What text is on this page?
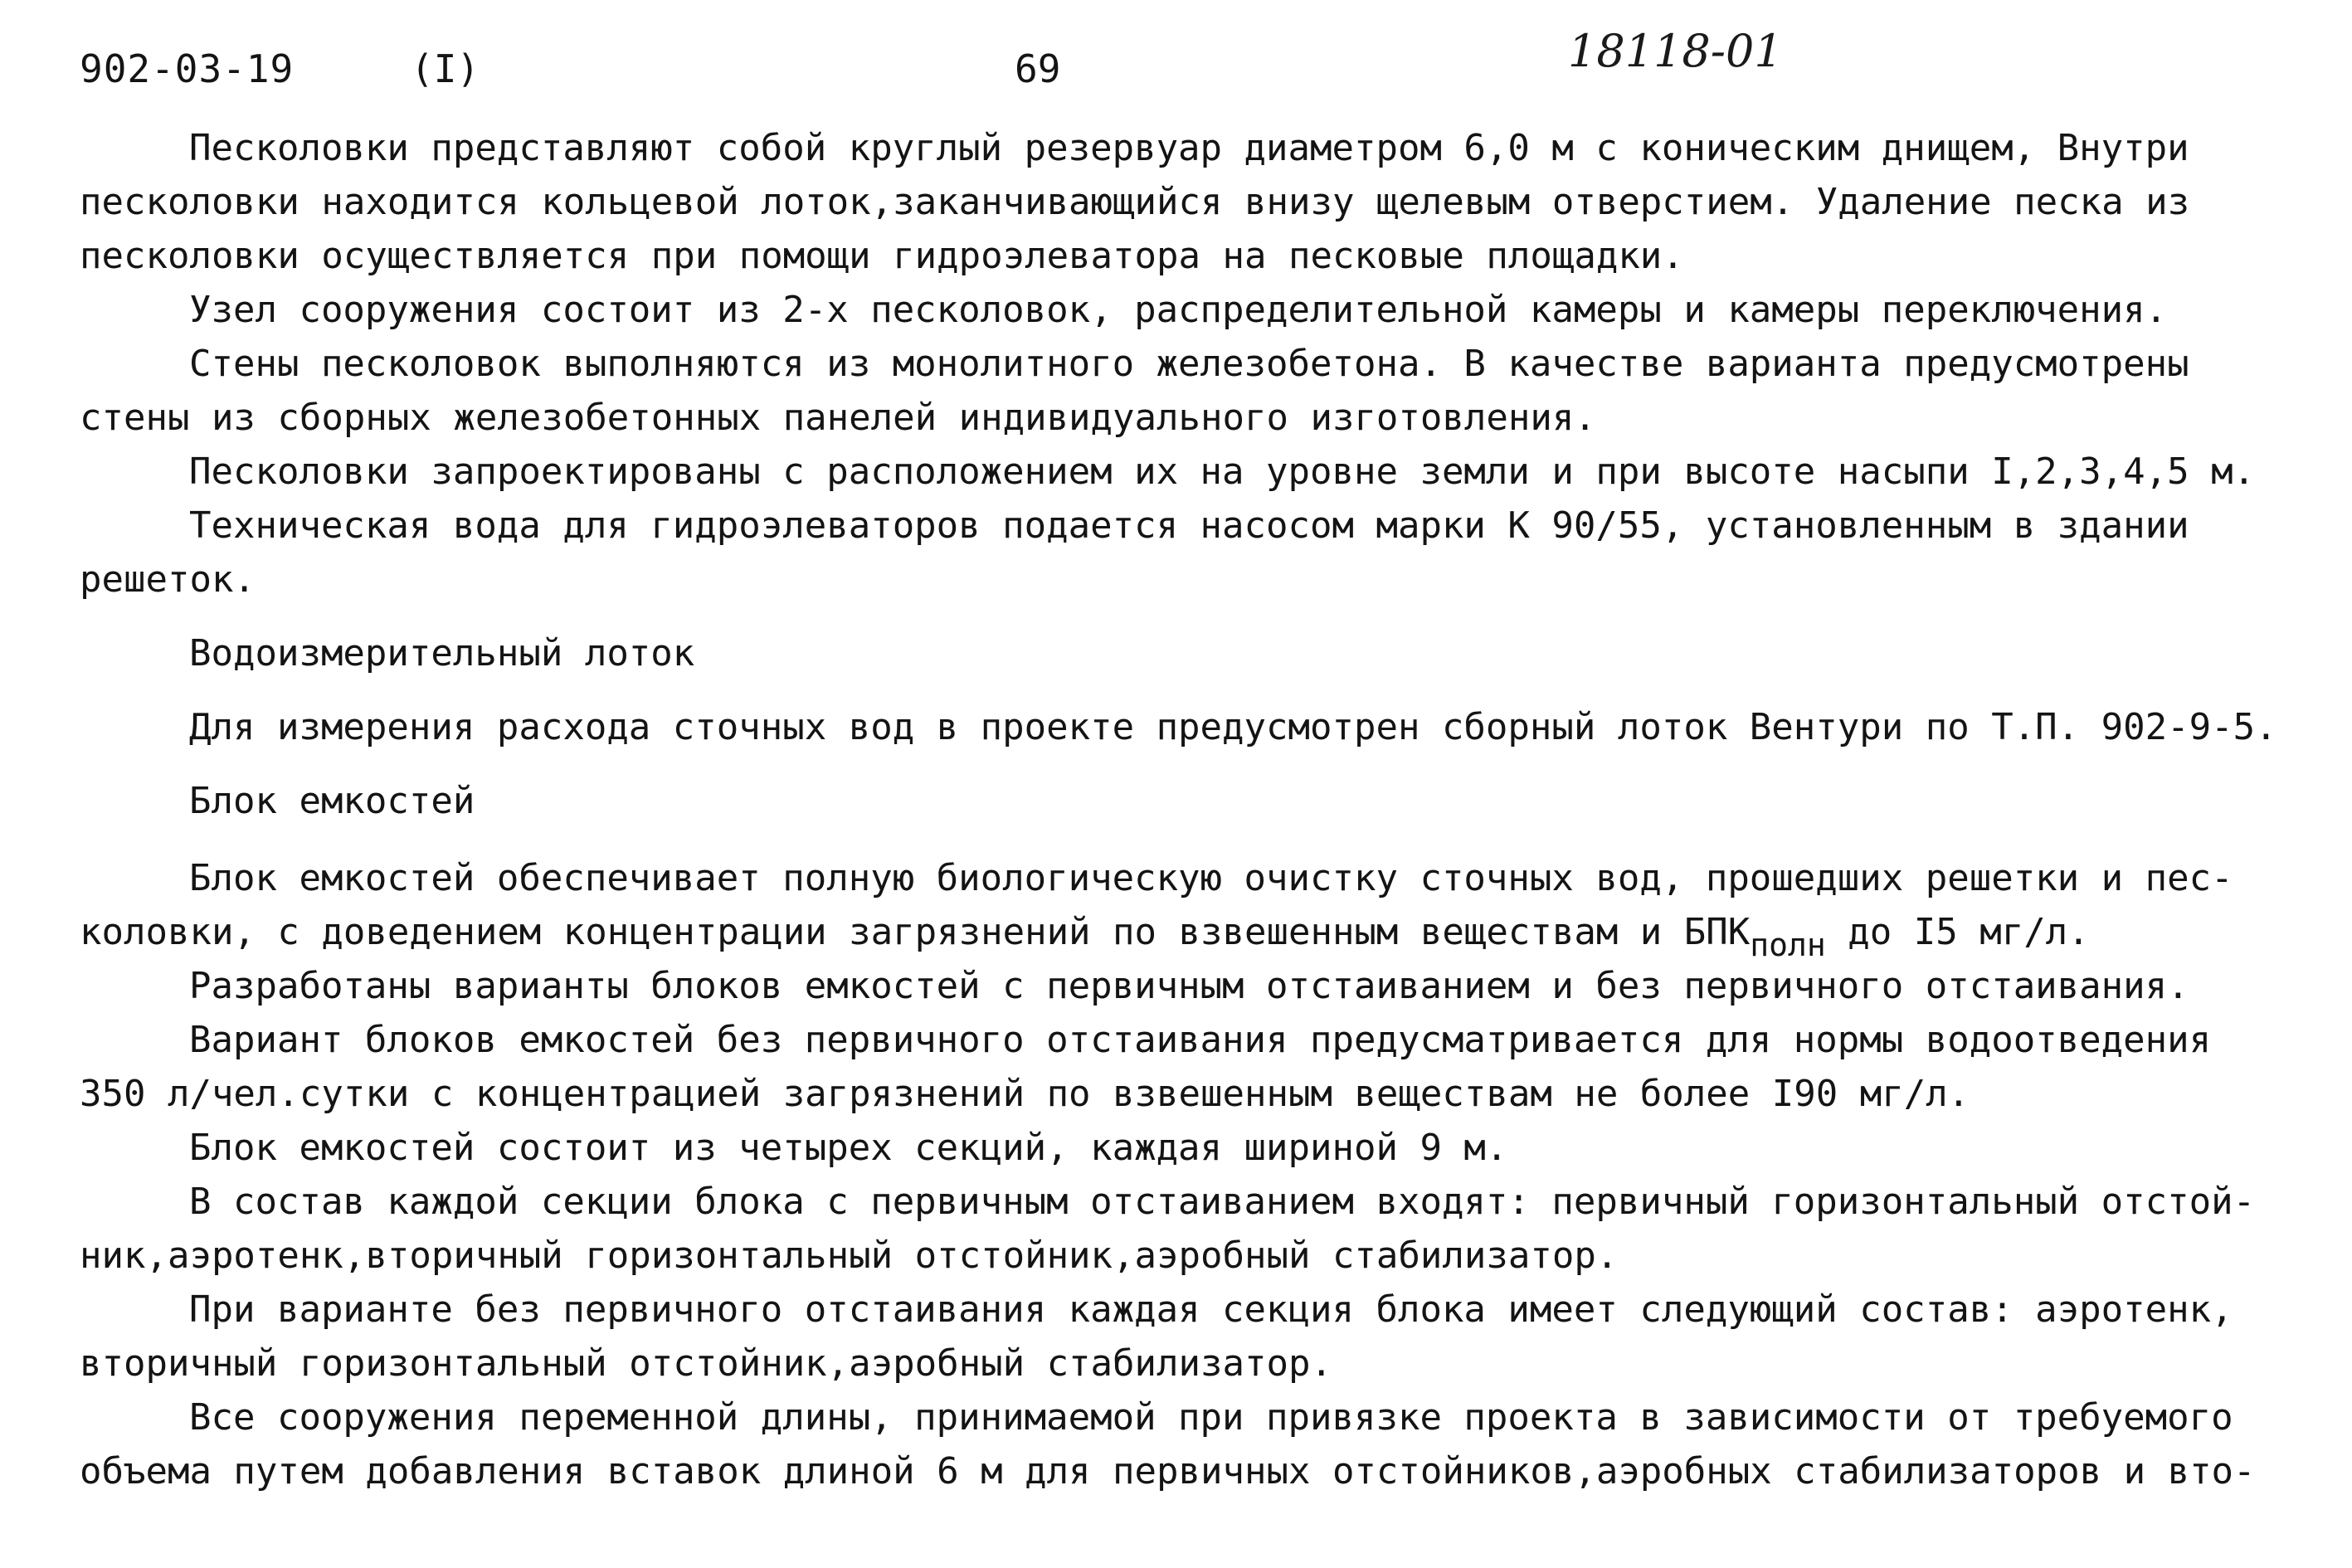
902-03-19	(I)	69	18118-01
Песколовки представляют собой круглый резервуар диаметром 6,0 м с коническим днищем, Внутри
песколовки находится кольцевой лоток,заканчивающийся внизу щелевым отверстием. Удаление песка из
песколовки осуществляется при помощи гидроэлеватора на песковые площадки.
Узел сооружения состоит из 2-х песколовок, распределительной камеры и камеры переключения.
Стены песколовок выполняются из монолитного железобетона. В качестве варианта предусмотрены
стены из сборных железобетонных панелей индивидуального изготовления.
Песколовки запроектированы с расположением их на уровне земли и при высоте насыпи I,2,3,4,5 м.
Техническая вода для гидроэлеваторов подается насосом марки К 90/55, установленным в здании
решеток.
Водоизмерительный лоток
Для измерения расхода сточных вод в проекте предусмотрен сборный лоток Вентури по Т.П. 902-9-5.
Блок емкостей
Блок емкостей обеспечивает полную биологическую очистку сточных вод, прошедших решетки и пес-
коловки, с доведением концентрации загрязнений по взвешенным веществам и БПКполн до I5 мг/л.
Разработаны варианты блоков емкостей с первичным отстаиванием и без первичного отстаивания.
Вариант блоков емкостей без первичного отстаивания предусматривается для нормы водоотведения
350 л/чел.сутки с концентрацией загрязнений по взвешенным веществам не более I90 мг/л.
Блок емкостей состоит из четырех секций, каждая шириной 9 м.
В состав каждой секции блока с первичным отстаиванием входят: первичный горизонтальный отстой-
ник,аэротенк,вторичный горизонтальный отстойник,аэробный стабилизатор.
При варианте без первичного отстаивания каждая секция блока имеет следующий состав: аэротенк,
вторичный горизонтальный отстойник,аэробный стабилизатор.
Все сооружения переменной длины, принимаемой при привязке проекта в зависимости от требуемого
объема путем добавления вставок длиной 6 м для первичных отстойников,аэробных стабилизаторов и вто-
